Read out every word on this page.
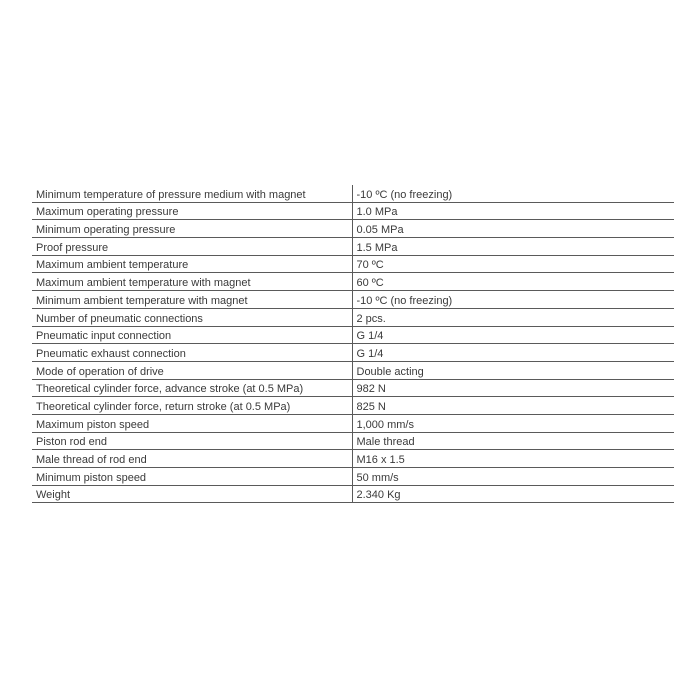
Minimum temperature of pressure medium with magnet	-10 ºC (no freezing)
Maximum operating pressure	1.0 MPa
Minimum operating pressure	0.05 MPa
Proof pressure	1.5 MPa
Maximum ambient temperature	70 ºC
Maximum ambient temperature with magnet	60 ºC
Minimum ambient temperature with magnet	-10 ºC (no freezing)
Number of pneumatic connections	2 pcs.
Pneumatic input connection	G 1/4
Pneumatic exhaust connection	G 1/4
Mode of operation of drive	Double acting
Theoretical cylinder force, advance stroke (at 0.5 MPa)	982 N
Theoretical cylinder force, return stroke (at 0.5 MPa)	825 N
Maximum piston speed	1,000 mm/s
Piston rod end	Male thread
Male thread of rod end	M16 x 1.5
Minimum piston speed	50 mm/s
Weight	2.340 Kg
